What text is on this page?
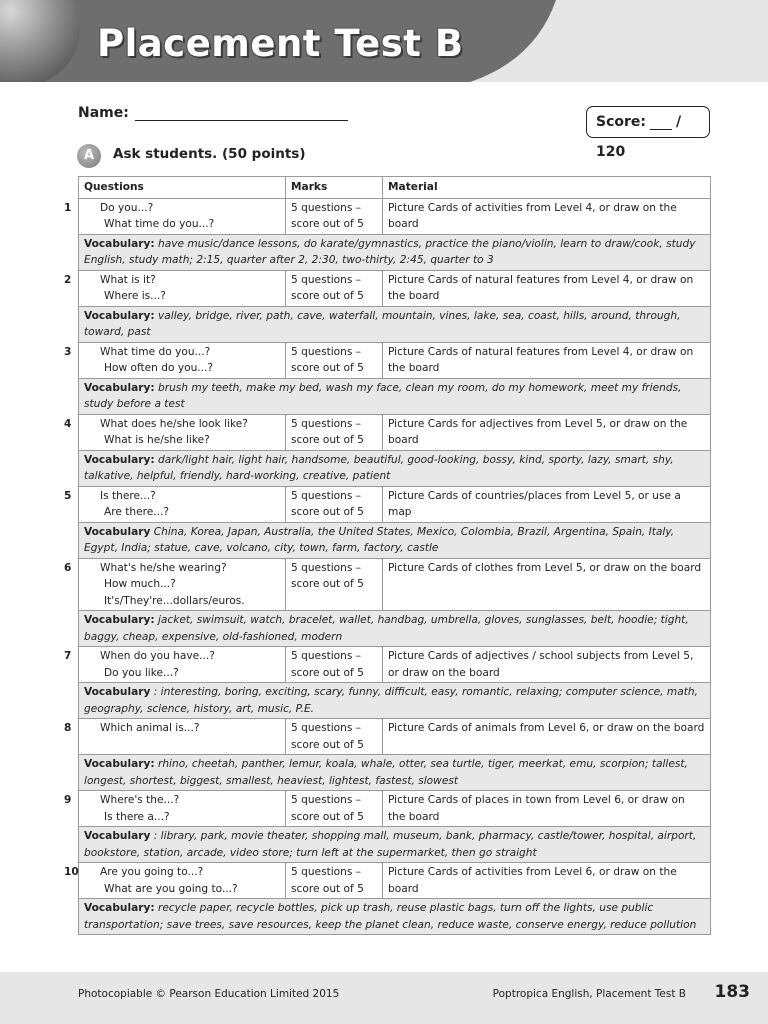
Placement Test B
Name:
Score: / 120
A	Ask students. (50 points)
Questions	Marks	Material

1 Do you...?
What time do you...?	5 questions – score out of 5	Picture Cards of activities from Level 4, or draw on the board
Vocabulary: have music/dance lessons, do karate/gymnastics, practice the piano/violin, learn to draw/cook, study English, study math; 2:15, quarter after 2, 2:30, two-thirty, 2:45, quarter to 3		

2 What is it?
Where is...?	5 questions – score out of 5	Picture Cards of natural features from Level 4, or draw on the board
Vocabulary: valley, bridge, river, path, cave, waterfall, mountain, vines, lake, sea, coast, hills, around, through, toward, past		

3 What time do you...?
How often do you...?	5 questions – score out of 5	Picture Cards of natural features from Level 4, or draw on the board
Vocabulary: brush my teeth, make my bed, wash my face, clean my room, do my homework, meet my friends, study before a test		

4 What does he/she look like?
What is he/she like?	5 questions – score out of 5	Picture Cards for adjectives from Level 5, or draw on the board
Vocabulary: dark/light hair, light hair, handsome, beautiful, good-looking, bossy, kind, sporty, lazy, smart, shy, talkative, helpful, friendly, hard-working, creative, patient		

5 Is there...?
Are there...?	5 questions – score out of 5	Picture Cards of countries/places from Level 5, or use a map
Vocabulary China, Korea, Japan, Australia, the United States, Mexico, Colombia, Brazil, Argentina, Spain, Italy, Egypt, India; statue, cave, volcano, city, town, farm, factory, castle		

6 What's he/she wearing?
How much...?
It's/They're...dollars/euros.	5 questions – score out of 5	Picture Cards of clothes from Level 5, or draw on the board
Vocabulary: jacket, swimsuit, watch, bracelet, wallet, handbag, umbrella, gloves, sunglasses, belt, hoodie; tight, baggy, cheap, expensive, old-fashioned, modern		

7 When do you have...?
Do you like...?	5 questions – score out of 5	Picture Cards of adjectives / school subjects from Level 5, or draw on the board
Vocabulary : interesting, boring, exciting, scary, funny, difficult, easy, romantic, relaxing; computer science, math, geography, science, history, art, music, P.E.		

8 Which animal is...?	5 questions – score out of 5	Picture Cards of animals from Level 6, or draw on the board
Vocabulary: rhino, cheetah, panther, lemur, koala, whale, otter, sea turtle, tiger, meerkat, emu, scorpion; tallest, longest, shortest, biggest, smallest, heaviest, lightest, fastest, slowest		

9 Where's the...?
Is there a...?	5 questions – score out of 5	Picture Cards of places in town from Level 6, or draw on the board
Vocabulary : library, park, movie theater, shopping mall, museum, bank, pharmacy, castle/tower, hospital, airport, bookstore, station, arcade, video store; turn left at the supermarket, then go straight		

10 Are you going to...?
What are you going to...?	5 questions – score out of 5	Picture Cards of activities from Level 6, or draw on the board
Vocabulary: recycle paper, recycle bottles, pick up trash, reuse plastic bags, turn off the lights, use public transportation; save trees, save resources, keep the planet clean, reduce waste, conserve energy, reduce pollution		
Photocopiable © Pearson Education Limited 2015	Poptropica English, Placement Test B 183
